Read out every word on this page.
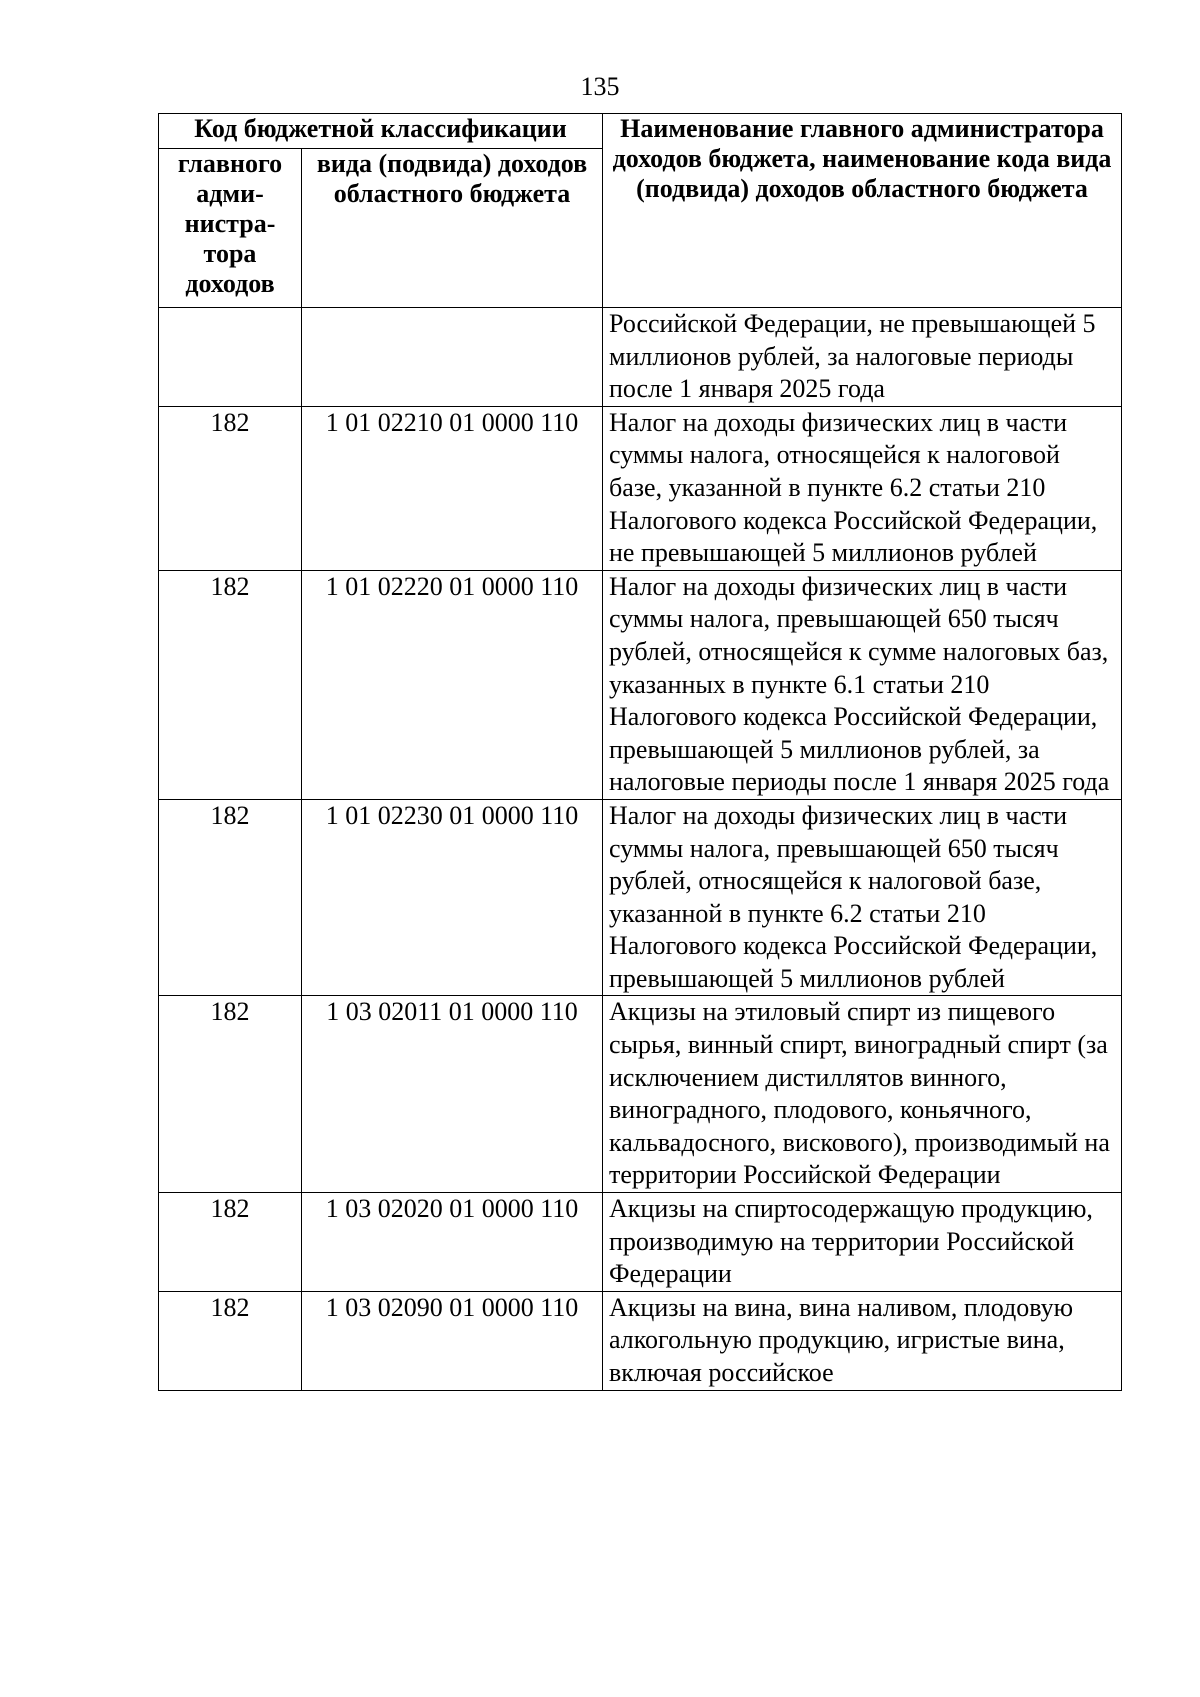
135
Код бюджетной классификации		Наименование главного администратора доходов бюджета, наименование кода вида (подвида) доходов областного бюджета
главного адми-нистра-тора доходов	вида (подвида) доходов областного бюджета	
		Российской Федерации, не превышающей 5 миллионов рублей, за налоговые периоды после 1 января 2025 года
182	1 01 02210 01 0000 110	Налог на доходы физических лиц в части суммы налога, относящейся к налоговой базе, указанной в пункте 6.2 статьи 210 Налогового кодекса Российской Федерации, не превышающей 5 миллионов рублей
182	1 01 02220 01 0000 110	Налог на доходы физических лиц в части суммы налога, превышающей 650 тысяч рублей, относящейся к сумме налоговых баз, указанных в пункте 6.1 статьи 210 Налогового кодекса Российской Федерации, превышающей 5 миллионов рублей, за налоговые периоды после 1 января 2025 года
182	1 01 02230 01 0000 110	Налог на доходы физических лиц в части суммы налога, превышающей 650 тысяч рублей, относящейся к налоговой базе, указанной в пункте 6.2 статьи 210 Налогового кодекса Российской Федерации, превышающей 5 миллионов рублей
182	1 03 02011 01 0000 110	Акцизы на этиловый спирт из пищевого сырья, винный спирт, виноградный спирт (за исключением дистиллятов винного, виноградного, плодового, коньячного, кальвадосного, вискового), производимый на территории Российской Федерации
182	1 03 02020 01 0000 110	Акцизы на спиртосодержащую продукцию, производимую на территории Российской Федерации
182	1 03 02090 01 0000 110	Акцизы на вина, вина наливом, плодовую алкогольную продукцию, игристые вина, включая российское
